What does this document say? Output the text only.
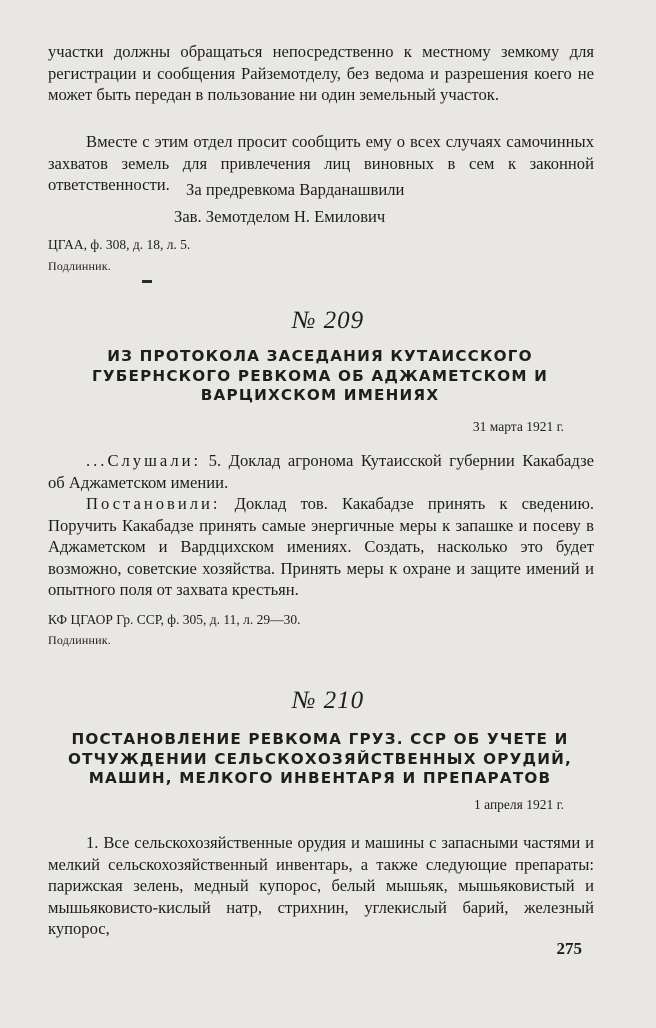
участки должны обращаться непосредственно к местному земкому для регистрации и сообщения Райземотделу, без ведома и разрешения коего не может быть передан в пользование ни один земельный участок.

Вместе с этим отдел просит сообщить ему о всех случаях самочинных захватов земель для привлечения лиц виновных в сем к законной ответственности. За предревкома Варданашвили
Зав. Земотделом Н. Емилович
ЦГАА, ф. 308, д. 18, л. 5.
Подлинник.
№ 209

ИЗ ПРОТОКОЛА ЗАСЕДАНИЯ КУТАИССКОГО ГУБЕРНСКОГО РЕВКОМА ОБ АДЖАМЕТСКОМ И ВАРЦИХСКОМ ИМЕНИЯХ

31 марта 1921 г.

...Слушали: 5. Доклад агронома Кутаисской губернии Какабадзе об Аджаметском имении.

Постановили: Доклад тов. Какабадзе принять к сведению. Поручить Какабадзе принять самые энергичные меры к запашке и посеву в Аджаметском и Вардцихском имениях. Создать, насколько это будет возможно, советские хозяйства. Принять меры к охране и защите имений и опытного поля от захвата крестьян.

КФ ЦГАОР Гр. ССР, ф. 305, д. 11, л. 29—30.
Подлинник.
№ 210

ПОСТАНОВЛЕНИЕ РЕВКОМА ГРУЗ. ССР ОБ УЧЕТЕ И ОТЧУЖДЕНИИ СЕЛЬСКОХОЗЯЙСТВЕННЫХ ОРУДИЙ, МАШИН, МЕЛКОГО ИНВЕНТАРЯ И ПРЕПАРАТОВ

1 апреля 1921 г.

1. Все сельскохозяйственные орудия и машины с запасными частями и мелкий сельскохозяйственный инвентарь, а также следующие препараты: парижская зелень, медный купорос, белый мышьяк, мышьяковистый и мышьяковисто-кислый натр, стрихнин, углекислый барий, железный купорос,

275
